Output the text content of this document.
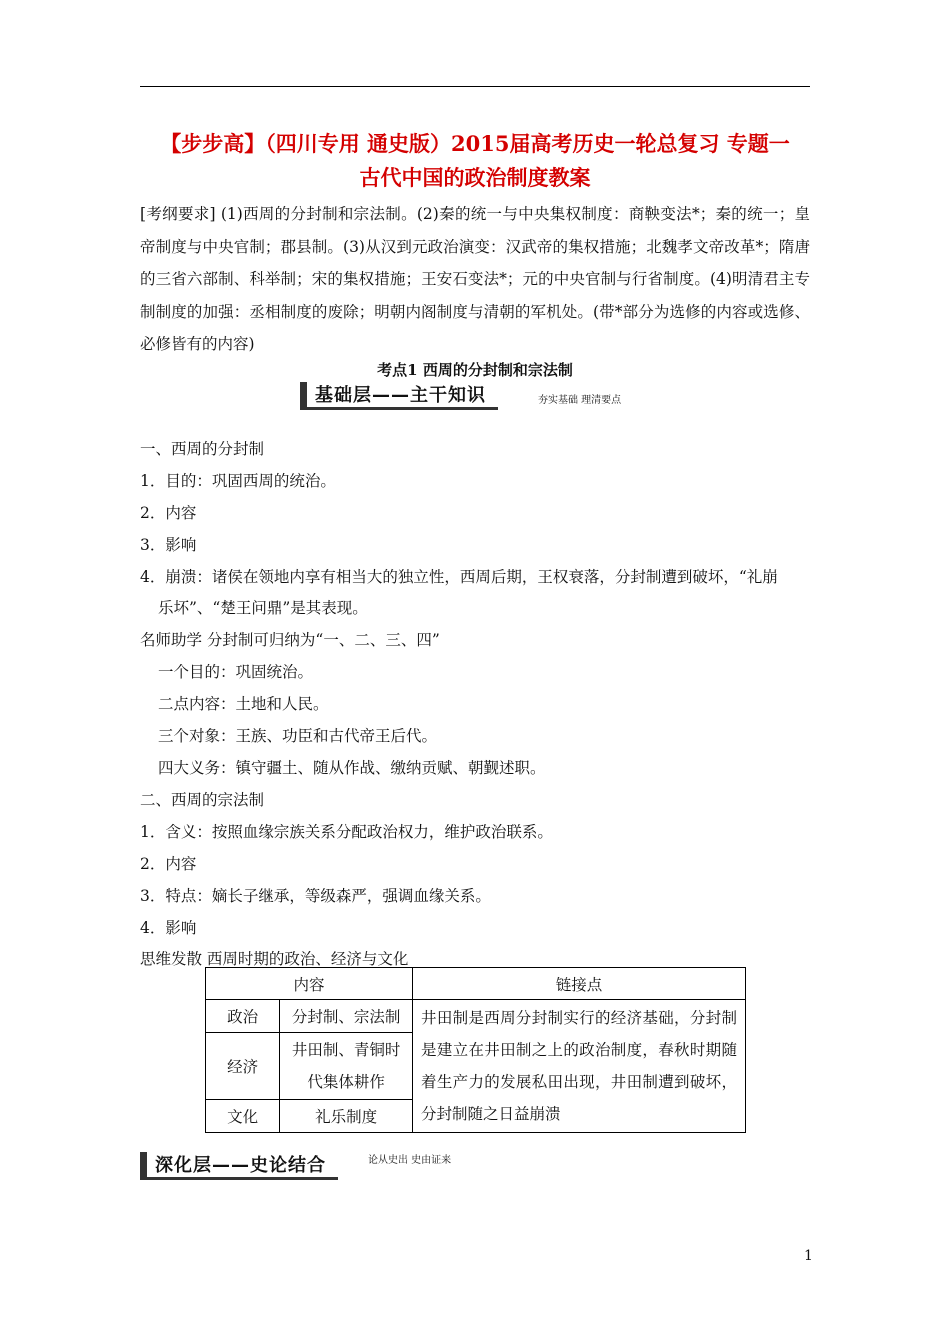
【步步高】（四川专用 通史版）2015届高考历史一轮总复习 专题一
古代中国的政治制度教案
[考纲要求] (1)西周的分封制和宗法制。(2)秦的统一与中央集权制度：商鞅变法*；秦的统一；皇帝制度与中央官制；郡县制。(3)从汉到元政治演变：汉武帝的集权措施；北魏孝文帝改革*；隋唐的三省六部制、科举制；宋的集权措施；王安石变法*；元的中央官制与行省制度。(4)明清君主专制制度的加强：丞相制度的废除；明朝内阁制度与清朝的军机处。(带*部分为选修的内容或选修、必修皆有的内容)
考点1 西周的分封制和宗法制
基础层——主干知识	夯实基础 理清要点
一、西周的分封制
1．目的：巩固西周的统治。
2．内容
3．影响
4．崩溃：诸侯在领地内享有相当大的独立性，西周后期，王权衰落，分封制遭到破坏，“礼崩
乐坏”、“楚王问鼎”是其表现。
名师助学 分封制可归纳为“一、二、三、四”
一个目的：巩固统治。
二点内容：土地和人民。
三个对象：王族、功臣和古代帝王后代。
四大义务：镇守疆土、随从作战、缴纳贡赋、朝觐述职。
二、西周的宗法制
1．含义：按照血缘宗族关系分配政治权力，维护政治联系。
2．内容
3．特点：嫡长子继承，等级森严，强调血缘关系。
4．影响
思维发散 西周时期的政治、经济与文化
内容		链接点
政治	分封制、宗法制	井田制是西周分封制实行的经济基础，分封制是建立在井田制之上的政治制度，春秋时期随着生产力的发展私田出现，井田制遭到破坏，分封制随之日益崩溃
经济	井田制、青铜时代集体耕作	
文化	礼乐制度	
深化层——史论结合	论从史出 史由证来
1
